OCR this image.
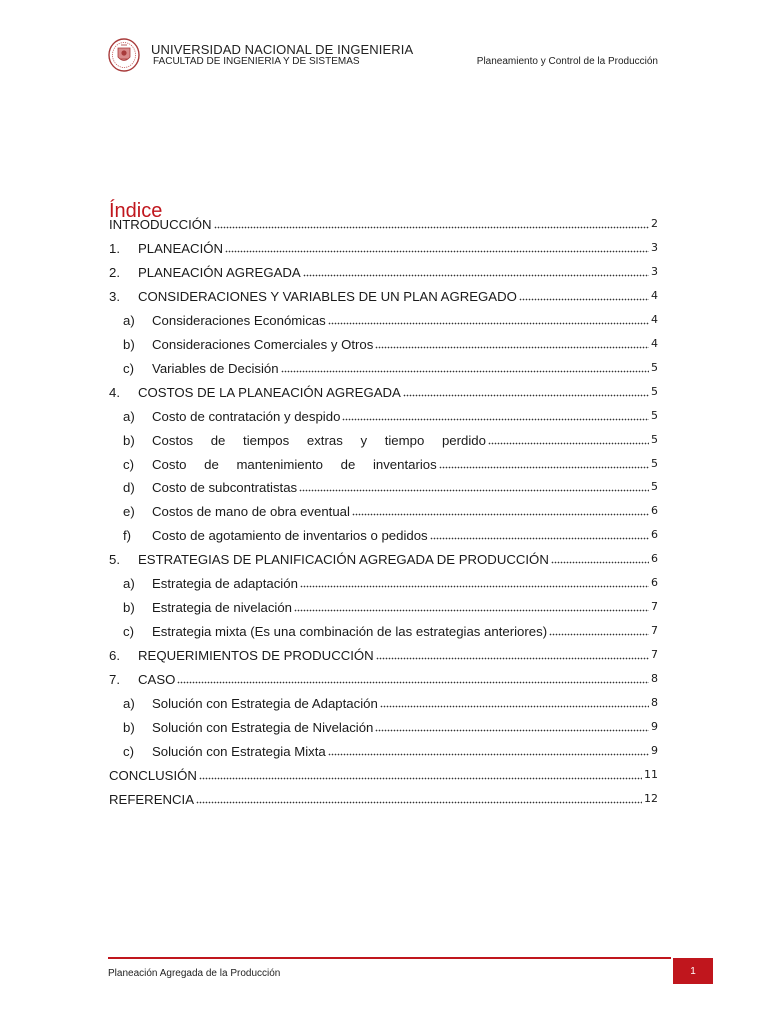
UNIVERSIDAD NACIONAL DE INGENIERIA
FACULTAD DE INGENIERIA Y DE SISTEMAS	Planeamiento y Control de la Producción
Índice
INTRODUCCIÓN	2
1.	PLANEACIÓN	3
2.	PLANEACIÓN AGREGADA	3
3.	CONSIDERACIONES Y VARIABLES DE UN PLAN AGREGADO	4
a)	Consideraciones Económicas	4
b)	Consideraciones Comerciales y Otros	4
c)	Variables de Decisión	5
4.	COSTOS DE LA PLANEACIÓN AGREGADA	5
a)	Costo de contratación y despido	5
b)	Costos de tiempos extras y tiempo perdido	5
c)	Costo de mantenimiento de inventarios	5
d)	Costo de subcontratistas	5
e)	Costos de mano de obra eventual	6
f)	Costo de agotamiento de inventarios o pedidos	6
5.	ESTRATEGIAS DE PLANIFICACIÓN AGREGADA DE PRODUCCIÓN	6
a)	Estrategia de adaptación	6
b)	Estrategia de nivelación	7
c)	Estrategia mixta (Es una combinación de las estrategias anteriores)	7
6.	REQUERIMIENTOS DE PRODUCCIÓN	7
7.	CASO	8
a)	Solución con Estrategia de Adaptación	8
b)	Solución con Estrategia de Nivelación	9
c)	Solución con Estrategia Mixta	9
CONCLUSIÓN	11
REFERENCIA	12
Planeación Agregada de la Producción	1
